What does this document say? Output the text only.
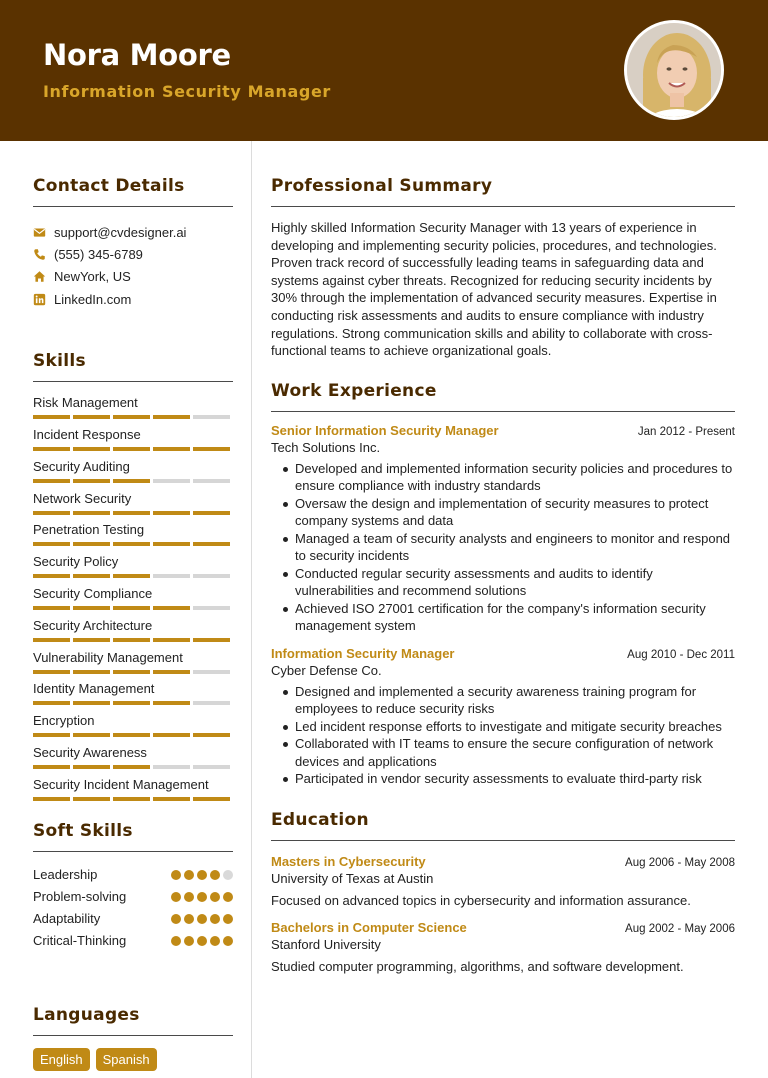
Nora Moore
Information Security Manager
Contact Details
support@cvdesigner.ai
(555) 345-6789
NewYork, US
LinkedIn.com
Skills
Risk Management
Incident Response
Security Auditing
Network Security
Penetration Testing
Security Policy
Security Compliance
Security Architecture
Vulnerability Management
Identity Management
Encryption
Security Awareness
Security Incident Management
Soft Skills
Leadership
Problem-solving
Adaptability
Critical-Thinking
Languages
English	Spanish
Professional Summary
Highly skilled Information Security Manager with 13 years of experience in developing and implementing security policies, procedures, and technologies. Proven track record of successfully leading teams in safeguarding data and systems against cyber threats. Recognized for reducing security incidents by 30% through the implementation of advanced security measures. Expertise in conducting risk assessments and audits to ensure compliance with industry regulations. Strong communication skills and ability to collaborate with cross-functional teams to achieve organizational goals.
Work Experience
Senior Information Security Manager	Jan 2012 - Present
Tech Solutions Inc.
Developed and implemented information security policies and procedures to ensure compliance with industry standards
Oversaw the design and implementation of security measures to protect company systems and data
Managed a team of security analysts and engineers to monitor and respond to security incidents
Conducted regular security assessments and audits to identify vulnerabilities and recommend solutions
Achieved ISO 27001 certification for the company's information security management system
Information Security Manager	Aug 2010 - Dec 2011
Cyber Defense Co.
Designed and implemented a security awareness training program for employees to reduce security risks
Led incident response efforts to investigate and mitigate security breaches
Collaborated with IT teams to ensure the secure configuration of network devices and applications
Participated in vendor security assessments to evaluate third-party risk
Education
Masters in Cybersecurity	Aug 2006 - May 2008
University of Texas at Austin
Focused on advanced topics in cybersecurity and information assurance.
Bachelors in Computer Science	Aug 2002 - May 2006
Stanford University
Studied computer programming, algorithms, and software development.
